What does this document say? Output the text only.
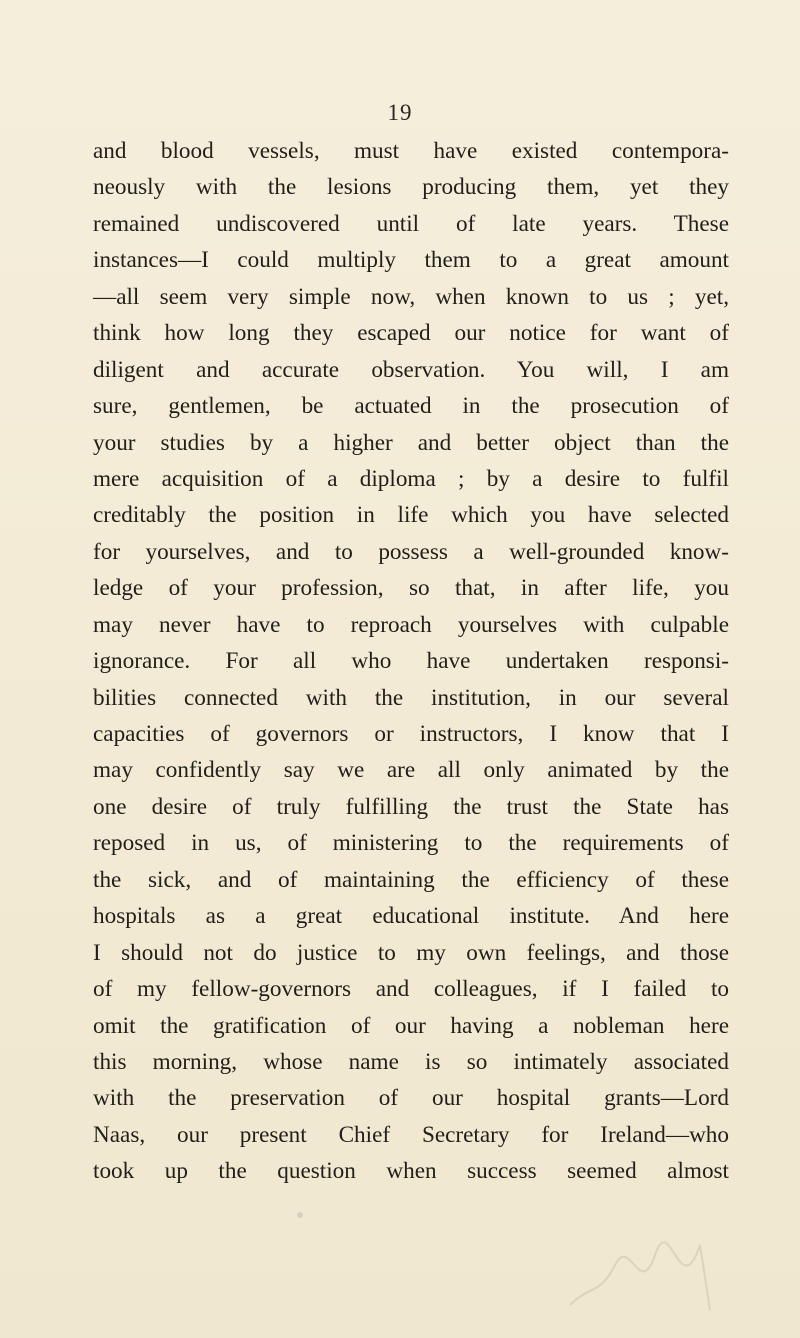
19
and blood vessels, must have existed contempora-
neously with the lesions producing them, yet they
remained undiscovered until of late years. These
instances—I could multiply them to a great amount
—all seem very simple now, when known to us ; yet,
think how long they escaped our notice for want of
diligent and accurate observation. You will, I am
sure, gentlemen, be actuated in the prosecution of
your studies by a higher and better object than the
mere acquisition of a diploma ; by a desire to fulfil
creditably the position in life which you have selected
for yourselves, and to possess a well-grounded know-
ledge of your profession, so that, in after life, you
may never have to reproach yourselves with culpable
ignorance. For all who have undertaken responsi-
bilities connected with the institution, in our several
capacities of governors or instructors, I know that I
may confidently say we are all only animated by the
one desire of truly fulfilling the trust the State has
reposed in us, of ministering to the requirements of
the sick, and of maintaining the efficiency of these
hospitals as a great educational institute. And here
I should not do justice to my own feelings, and those
of my fellow-governors and colleagues, if I failed to
omit the gratification of our having a nobleman here
this morning, whose name is so intimately associated
with the preservation of our hospital grants—Lord
Naas, our present Chief Secretary for Ireland—who
took up the question when success seemed almost
